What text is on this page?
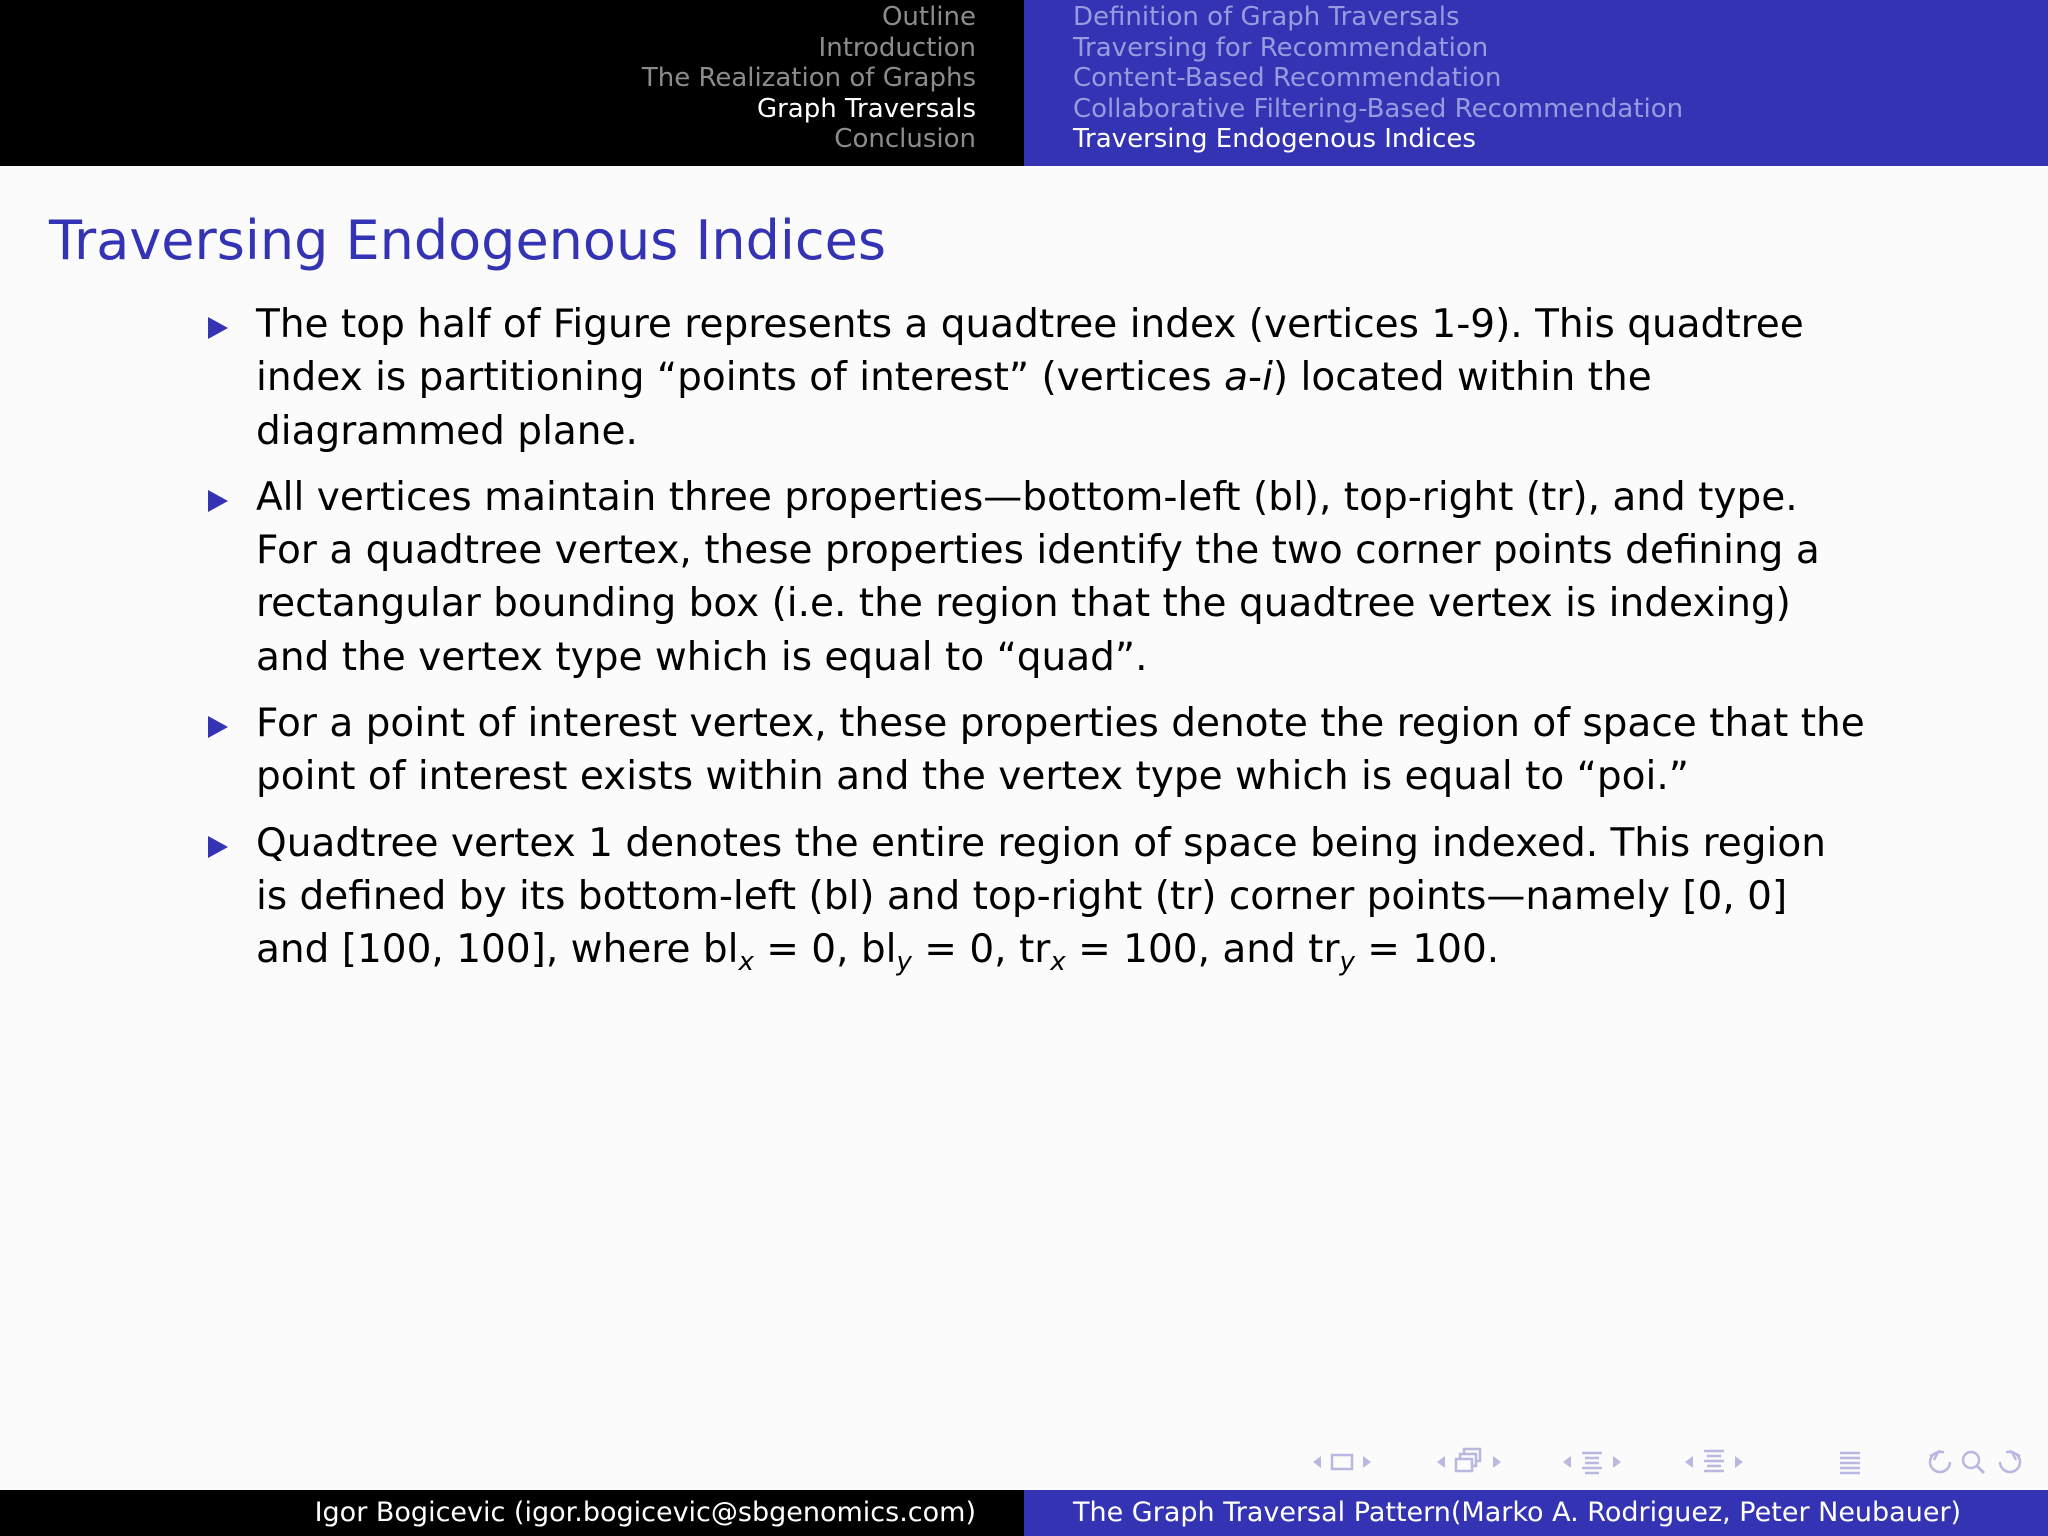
Outline
Introduction
The Realization of Graphs
Graph Traversals
Conclusion
Definition of Graph Traversals
Traversing for Recommendation
Content-Based Recommendation
Collaborative Filtering-Based Recommendation
Traversing Endogenous Indices
Traversing Endogenous Indices
The top half of Figure represents a quadtree index (vertices 1-9). This quadtree
index is partitioning “points of interest” (vertices a-i) located within the
diagrammed plane.
All vertices maintain three properties—bottom-left (bl), top-right (tr), and type.
For a quadtree vertex, these properties identify the two corner points defining a
rectangular bounding box (i.e. the region that the quadtree vertex is indexing)
and the vertex type which is equal to “quad”.
For a point of interest vertex, these properties denote the region of space that the
point of interest exists within and the vertex type which is equal to “poi.”
Quadtree vertex 1 denotes the entire region of space being indexed. This region
is defined by its bottom-left (bl) and top-right (tr) corner points—namely [0, 0]
and [100, 100], where $bl_x = 0$, $bl_y = 0$, $tr_x = 100$, and $tr_y = 100$.
Igor Bogicevic (igor.bogicevic@sbgenomics.com)	The Graph Traversal Pattern(Marko A. Rodriguez, Peter Neubauer)
